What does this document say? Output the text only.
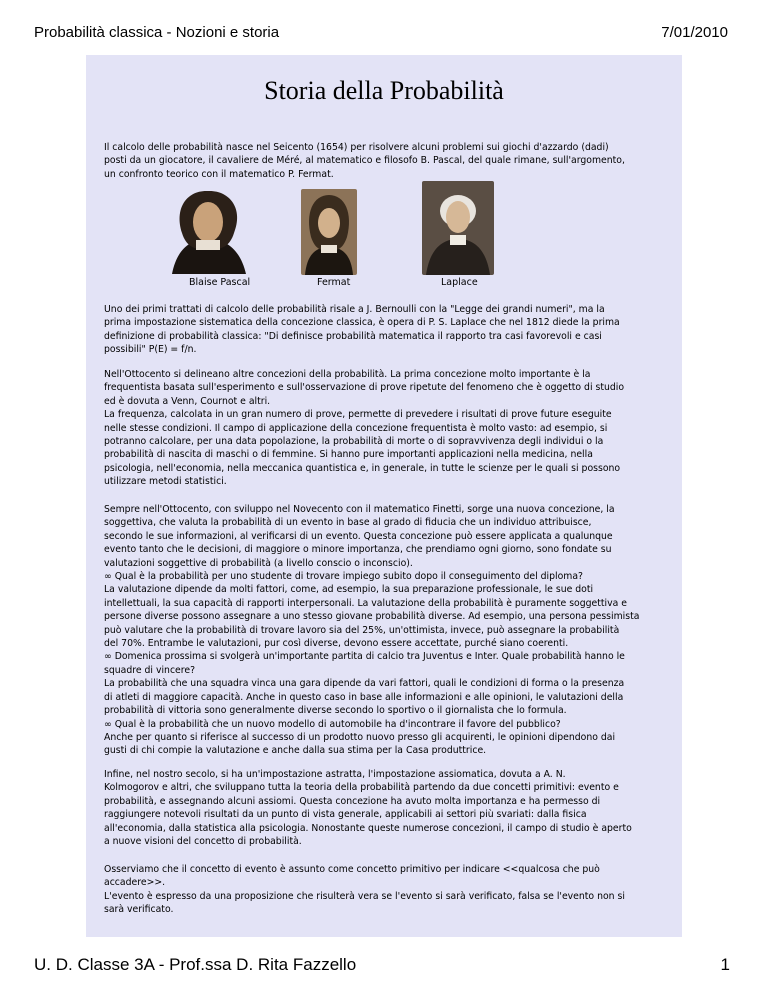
Probabilità classica - Nozioni e storia	7/01/2010
Storia della Probabilità

Il calcolo delle probabilità nasce nel Seicento (1654) per risolvere alcuni problemi sui giochi d'azzardo (dadi)
posti da un giocatore, il cavaliere de Méré, al matematico e filosofo B. Pascal, del quale rimane, sull'argomento,
un confronto teorico con il matematico P. Fermat.

Blaise Pascal	Fermat	Laplace

Uno dei primi trattati di calcolo delle probabilità risale a J. Bernoulli con la "Legge dei grandi numeri", ma la
prima impostazione sistematica della concezione classica, è opera di P. S. Laplace che nel 1812 diede la prima
definizione di probabilità classica: "Di definisce probabilità matematica il rapporto tra casi favorevoli e casi
possibili" P(E) = f/n.

Nell'Ottocento si delineano altre concezioni della probabilità. La prima concezione molto importante è la
frequentista basata sull'esperimento e sull'osservazione di prove ripetute del fenomeno che è oggetto di studio
ed è dovuta a Venn, Cournot e altri.
La frequenza, calcolata in un gran numero di prove, permette di prevedere i risultati di prove future eseguite
nelle stesse condizioni. Il campo di applicazione della concezione frequentista è molto vasto: ad esempio, si
potranno calcolare, per una data popolazione, la probabilità di morte o di sopravvivenza degli individui o la
probabilità di nascita di maschi o di femmine. Si hanno pure importanti applicazioni nella medicina, nella
psicologia, nell'economia, nella meccanica quantistica e, in generale, in tutte le scienze per le quali si possono
utilizzare metodi statistici.

Sempre nell'Ottocento, con sviluppo nel Novecento con il matematico Finetti, sorge una nuova concezione, la
soggettiva, che valuta la probabilità di un evento in base al grado di fiducia che un individuo attribuisce,
secondo le sue informazioni, al verificarsi di un evento. Questa concezione può essere applicata a qualunque
evento tanto che le decisioni, di maggiore o minore importanza, che prendiamo ogni giorno, sono fondate su
valutazioni soggettive di probabilità (a livello conscio o inconscio).
∞ Qual è la probabilità per uno studente di trovare impiego subito dopo il conseguimento del diploma?
La valutazione dipende da molti fattori, come, ad esempio, la sua preparazione professionale, le sue doti
intellettuali, la sua capacità di rapporti interpersonali. La valutazione della probabilità è puramente soggettiva e
persone diverse possono assegnare a uno stesso giovane probabilità diverse. Ad esempio, una persona pessimista
può valutare che la probabilità di trovare lavoro sia del 25%, un'ottimista, invece, può assegnare la probabilità
del 70%. Entrambe le valutazioni, pur così diverse, devono essere accettate, purché siano coerenti.
∞ Domenica prossima si svolgerà un'importante partita di calcio tra Juventus e Inter. Quale probabilità hanno le
squadre di vincere?
La probabilità che una squadra vinca una gara dipende da vari fattori, quali le condizioni di forma o la presenza
di atleti di maggiore capacità. Anche in questo caso in base alle informazioni e alle opinioni, le valutazioni della
probabilità di vittoria sono generalmente diverse secondo lo sportivo o il giornalista che lo formula.
∞ Qual è la probabilità che un nuovo modello di automobile ha d'incontrare il favore del pubblico?
Anche per quanto si riferisce al successo di un prodotto nuovo presso gli acquirenti, le opinioni dipendono dai
gusti di chi compie la valutazione e anche dalla sua stima per la Casa produttrice.

Infine, nel nostro secolo, si ha un'impostazione astratta, l'impostazione assiomatica, dovuta a A. N.
Kolmogorov e altri, che sviluppano tutta la teoria della probabilità partendo da due concetti primitivi: evento e
probabilità, e assegnando alcuni assiomi. Questa concezione ha avuto molta importanza e ha permesso di
raggiungere notevoli risultati da un punto di vista generale, applicabili ai settori più svariati: dalla fisica
all'economia, dalla statistica alla psicologia. Nonostante queste numerose concezioni, il campo di studio è aperto
a nuove visioni del concetto di probabilità.

Osserviamo che il concetto di evento è assunto come concetto primitivo per indicare <<qualcosa che può
accadere>>.
L'evento è espresso da una proposizione che risulterà vera se l'evento si sarà verificato, falsa se l'evento non si
sarà verificato.

U. D. Classe 3A - Prof.ssa D. Rita Fazzello	1
